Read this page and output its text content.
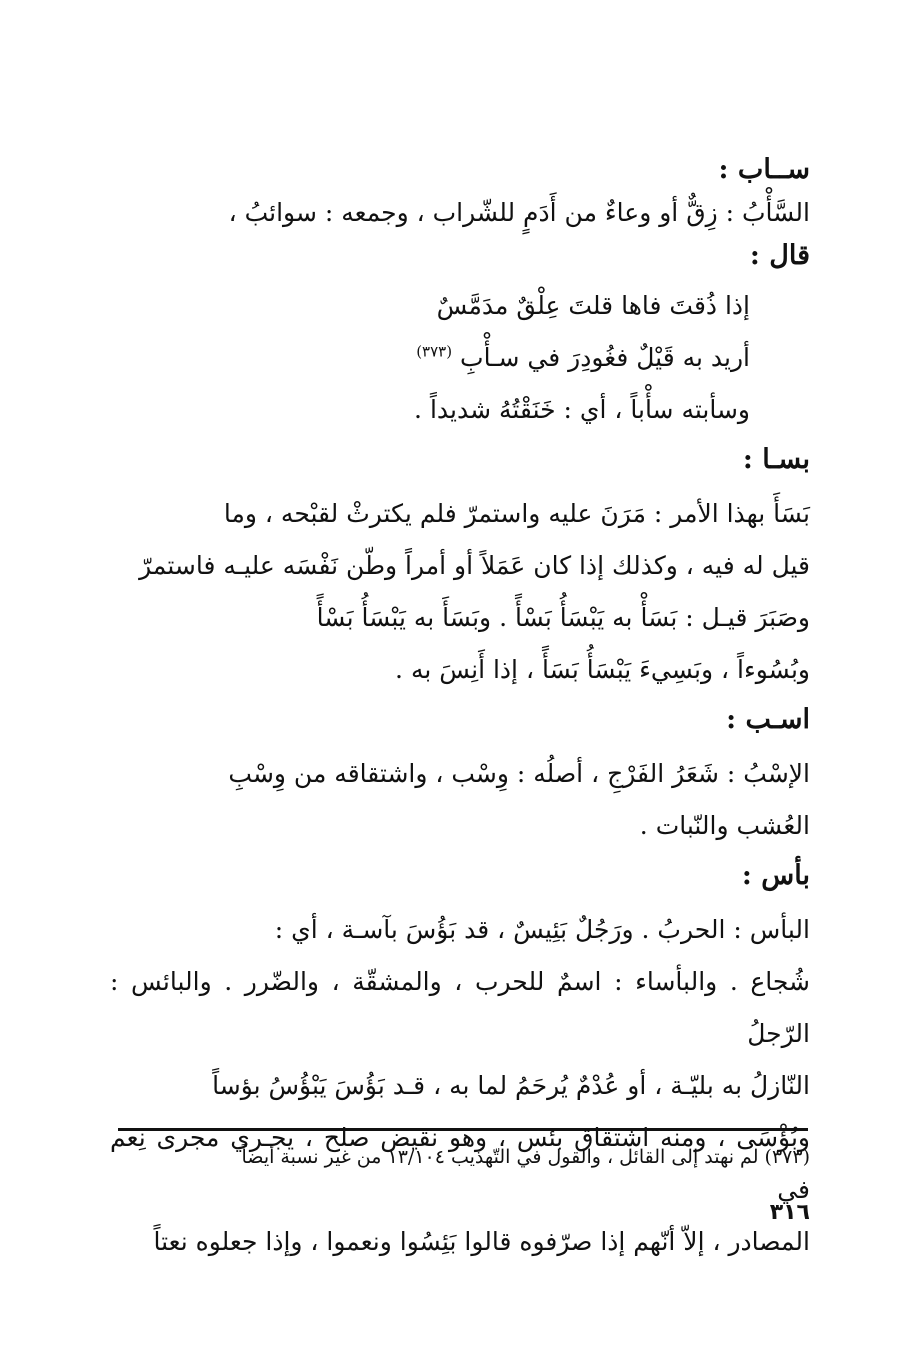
ســاب :

السَّأْبُ : زِقٌّ أو وعاءٌ من أَدَمٍ للشّراب ، وجمعه : سوائبُ ،

قال :

إذا ذُقتَ فاها قلتَ عِلْقٌ مدَمَّسٌ

أريد به قَيْلٌ فغُودِرَ في سـأْبِ $^{(٣٧٣)}$

وسأبته سأْباً ، أي : خَنَقْتُهُ شديداً .

بسـا :

بَسَأَ بهذا الأمر : مَرَنَ عليه واستمرّ فلم يكترثْ لقبْحه ، وما

قيل له فيه ، وكذلك إذا كان عَمَلاً أو أمراً وطّن نَفْسَه عليـه فاستمرّ

وصَبَرَ قيـل : بَسَأْ به يَبْسَأُ بَسْأً . وبَسَأَ به يَبْسَأُ بَسْأً

وبُسُوءاً ، وبَسِيءَ يَبْسَأُ بَسَأً ، إذا أَنِسَ به .

اسـب :

الإسْبُ : شَعَرُ الفَرْجِ ، أصلُه : وِسْب ، واشتقاقه من وِسْبِ

العُشب والنّبات .

بأس :

البأس : الحربُ . ورَجُلٌ بَئِيسٌ ، قد بَؤُسَ بآسـة ، أي :

شُجاع . والبأساء : اسمٌ للحرب ، والمشقّة ، والضّرر . والبائس : الرّجلُ

النّازلُ به بليّـة ، أو عُدْمٌ يُرحَمُ لما به ، قـد بَؤُسَ يَبْؤُسُ بؤساً

وبُؤْسَى ، ومنه اشتقاق بئس ، وهو نقيض صلح ، يجـري مجرى نِعم في

المصادر ، إلاّ أنّهم إذا صرّفوه قالوا بَئِسُوا ونعموا ، وإذا جعلوه نعتاً

(٣٧٣) لم نهتد إلى القائل ، والقول في التّهذيب ١٣/١٠٤ من غير نسبة أيضاً
٣١٦
